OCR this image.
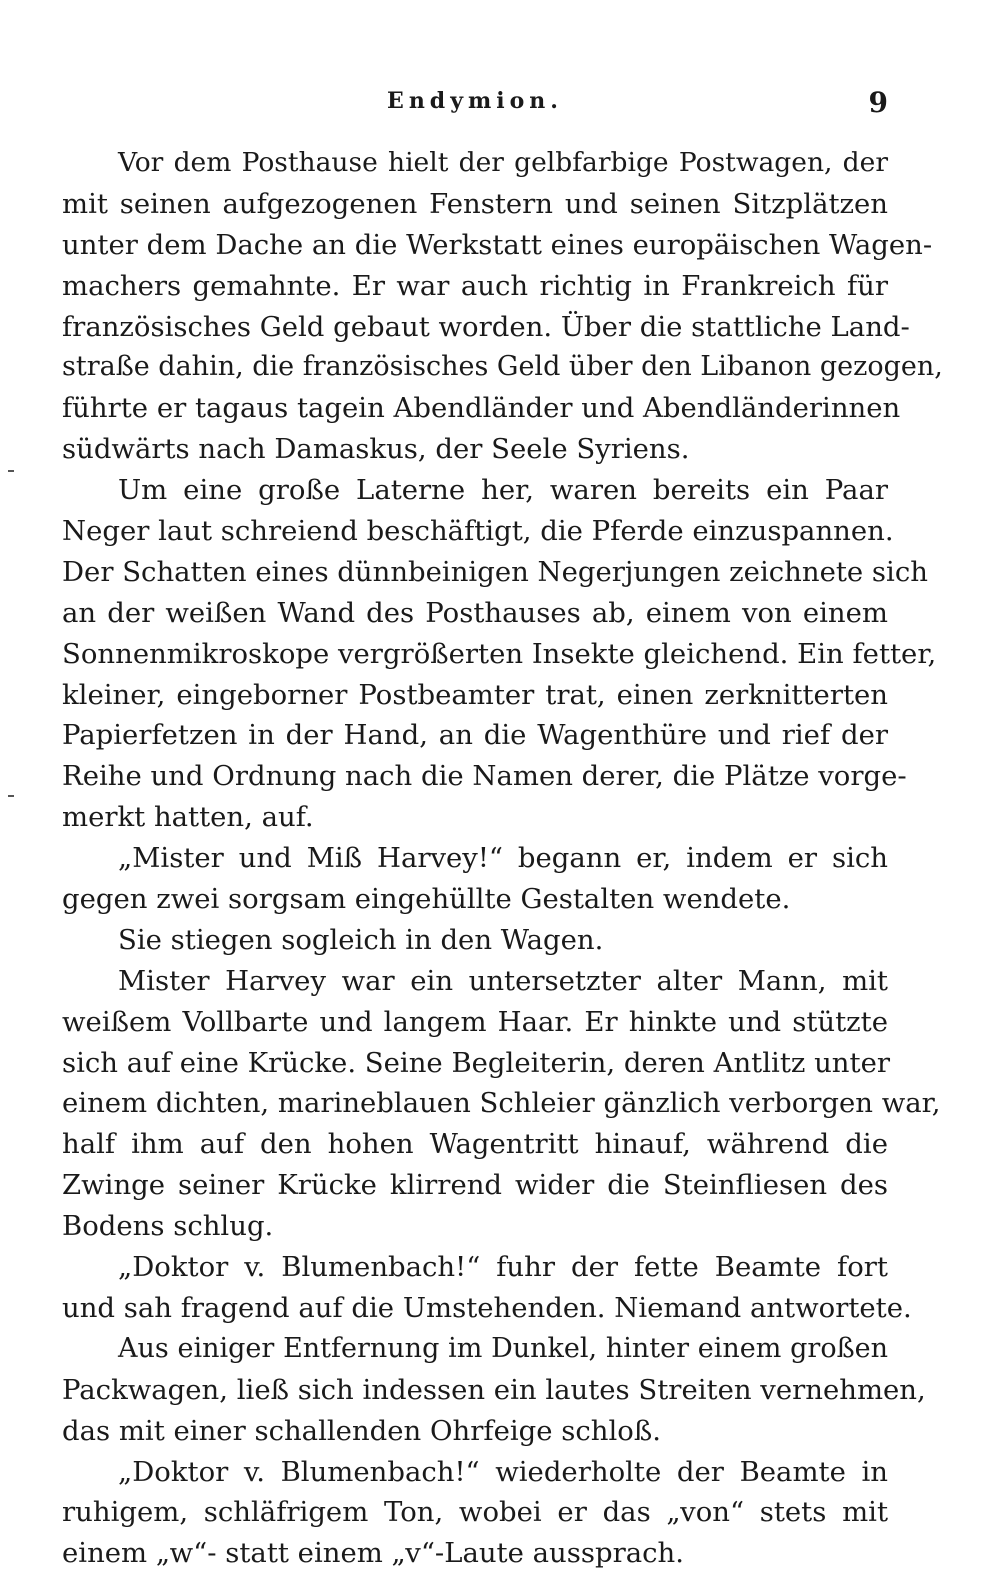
Endymion.	9
Vor dem Posthause hielt der gelbfarbige Postwagen, der
mit seinen aufgezogenen Fenstern und seinen Sitzplätzen
unter dem Dache an die Werkstatt eines europäischen Wagen-
machers gemahnte. Er war auch richtig in Frankreich für
französisches Geld gebaut worden. Über die stattliche Land-
straße dahin, die französisches Geld über den Libanon gezogen,
führte er tagaus tagein Abendländer und Abendländerinnen
südwärts nach Damaskus, der Seele Syriens.
Um eine große Laterne her, waren bereits ein Paar
Neger laut schreiend beschäftigt, die Pferde einzuspannen.
Der Schatten eines dünnbeinigen Negerjungen zeichnete sich
an der weißen Wand des Posthauses ab, einem von einem
Sonnenmikroskope vergrößerten Insekte gleichend. Ein fetter,
kleiner, eingeborner Postbeamter trat, einen zerknitterten
Papierfetzen in der Hand, an die Wagenthüre und rief der
Reihe und Ordnung nach die Namen derer, die Plätze vorge-
merkt hatten, auf.
„Mister und Miß Harvey!“ begann er, indem er sich
gegen zwei sorgsam eingehüllte Gestalten wendete.
Sie stiegen sogleich in den Wagen.
Mister Harvey war ein untersetzter alter Mann, mit
weißem Vollbarte und langem Haar. Er hinkte und stützte
sich auf eine Krücke. Seine Begleiterin, deren Antlitz unter
einem dichten, marineblauen Schleier gänzlich verborgen war,
half ihm auf den hohen Wagentritt hinauf, während die
Zwinge seiner Krücke klirrend wider die Steinfliesen des
Bodens schlug.
„Doktor v. Blumenbach!“ fuhr der fette Beamte fort
und sah fragend auf die Umstehenden. Niemand antwortete.
Aus einiger Entfernung im Dunkel, hinter einem großen
Packwagen, ließ sich indessen ein lautes Streiten vernehmen,
das mit einer schallenden Ohrfeige schloß.
„Doktor v. Blumenbach!“ wiederholte der Beamte in
ruhigem, schläfrigem Ton, wobei er das „von“ stets mit
einem „w“- statt einem „v“-Laute aussprach.
